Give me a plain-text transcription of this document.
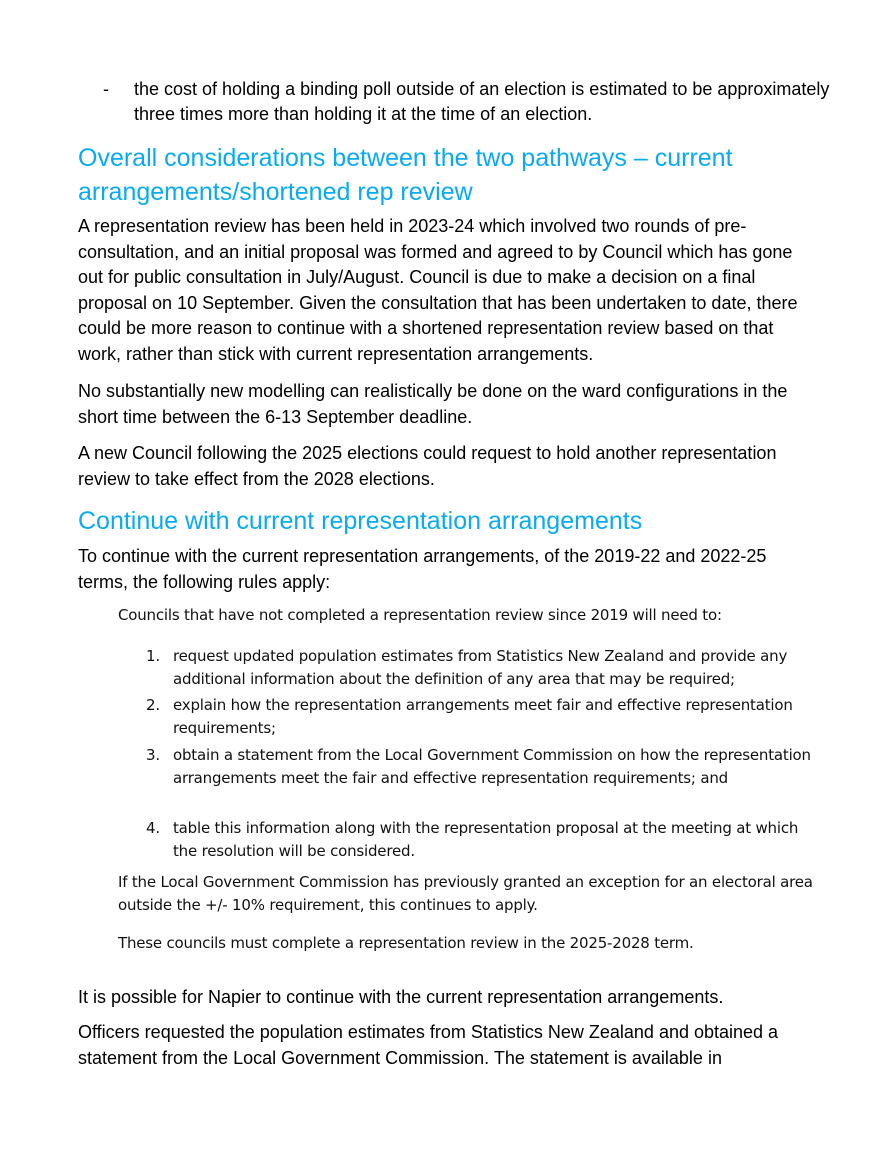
- the cost of holding a binding poll outside of an election is estimated to be approximately three times more than holding it at the time of an election.
Overall considerations between the two pathways – current arrangements/shortened rep review

A representation review has been held in 2023-24 which involved two rounds of pre-consultation, and an initial proposal was formed and agreed to by Council which has gone out for public consultation in July/August. Council is due to make a decision on a final proposal on 10 September. Given the consultation that has been undertaken to date, there could be more reason to continue with a shortened representation review based on that work, rather than stick with current representation arrangements.

No substantially new modelling can realistically be done on the ward configurations in the short time between the 6-13 September deadline.

A new Council following the 2025 elections could request to hold another representation review to take effect from the 2028 elections.

Continue with current representation arrangements

To continue with the current representation arrangements, of the 2019-22 and 2022-25 terms, the following rules apply:

Councils that have not completed a representation review since 2019 will need to:
1. request updated population estimates from Statistics New Zealand and provide any additional information about the definition of any area that may be required;
2. explain how the representation arrangements meet fair and effective representation requirements;
3. obtain a statement from the Local Government Commission on how the representation arrangements meet the fair and effective representation requirements; and
4. table this information along with the representation proposal at the meeting at which the resolution will be considered.
If the Local Government Commission has previously granted an exception for an electoral area outside the +/- 10% requirement, this continues to apply.
These councils must complete a representation review in the 2025-2028 term.

It is possible for Napier to continue with the current representation arrangements.

Officers requested the population estimates from Statistics New Zealand and obtained a statement from the Local Government Commission. The statement is available in
